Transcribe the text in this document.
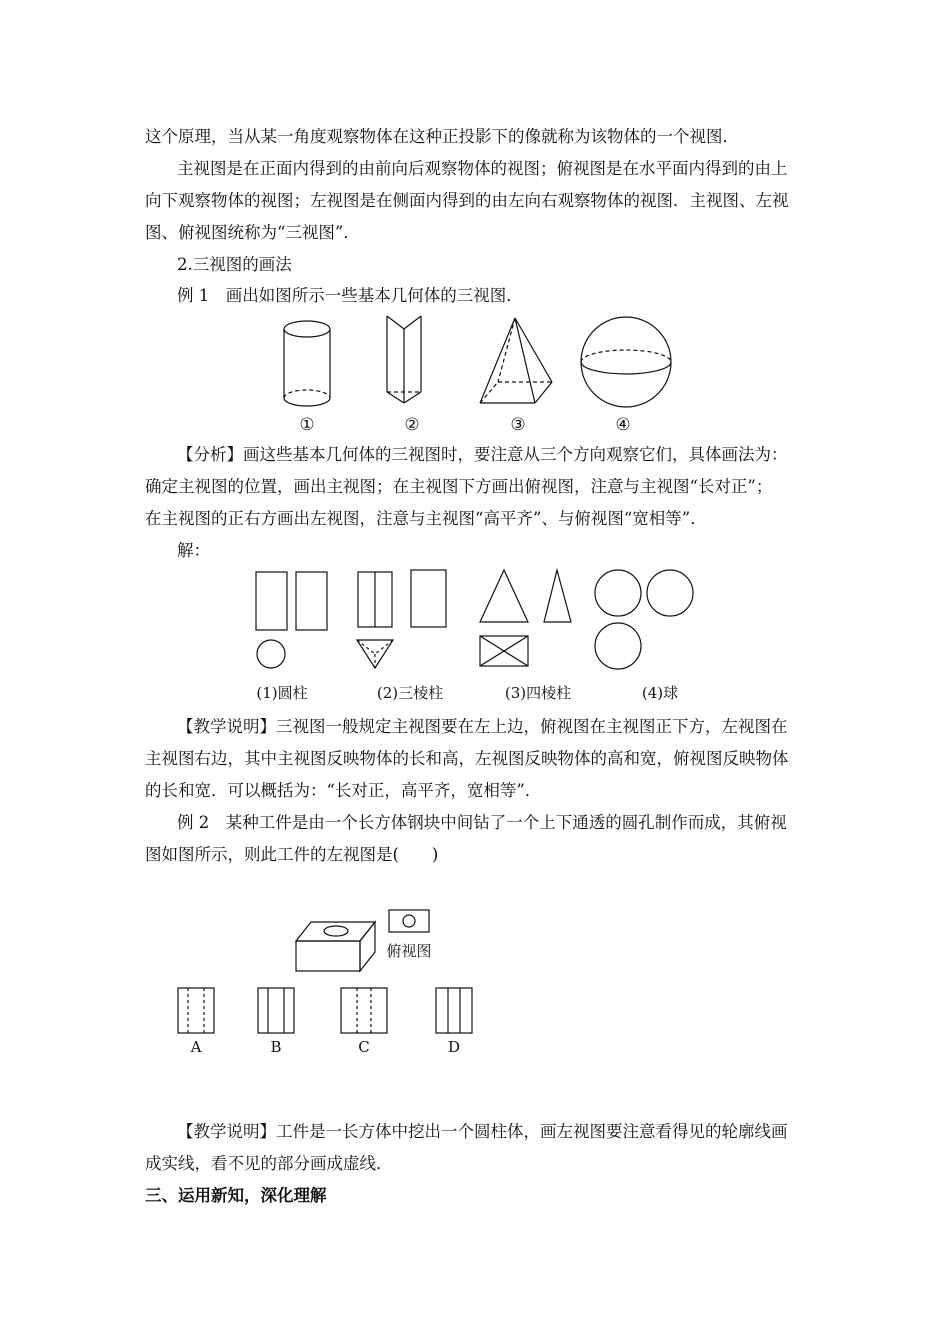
这个原理，当从某一角度观察物体在这种正投影下的像就称为该物体的一个视图．
主视图是在正面内得到的由前向后观察物体的视图；俯视图是在水平面内得到的由上
向下观察物体的视图；左视图是在侧面内得到的由左向右观察物体的视图．主视图、左视
图、俯视图统称为“三视图”．
2.三视图的画法
例 1　画出如图所示一些基本几何体的三视图．
①	②	③	④
【分析】画这些基本几何体的三视图时，要注意从三个方向观察它们，具体画法为：
确定主视图的位置，画出主视图；在主视图下方画出俯视图，注意与主视图“长对正”；
在主视图的正右方画出左视图，注意与主视图“高平齐”、与俯视图“宽相等”．
解：
(1)圆柱	(2)三棱柱	(3)四棱柱	(4)球
【教学说明】三视图一般规定主视图要在左上边，俯视图在主视图正下方，左视图在
主视图右边，其中主视图反映物体的长和高，左视图反映物体的高和宽，俯视图反映物体
的长和宽．可以概括为：“长对正，高平齐，宽相等”．
例 2　某种工件是由一个长方体钢块中间钻了一个上下通透的圆孔制作而成，其俯视
图如图所示，则此工件的左视图是(　　)
俯视图
A	B	C	D
【教学说明】工件是一长方体中挖出一个圆柱体，画左视图要注意看得见的轮廓线画
成实线，看不见的部分画成虚线．
三、运用新知，深化理解
